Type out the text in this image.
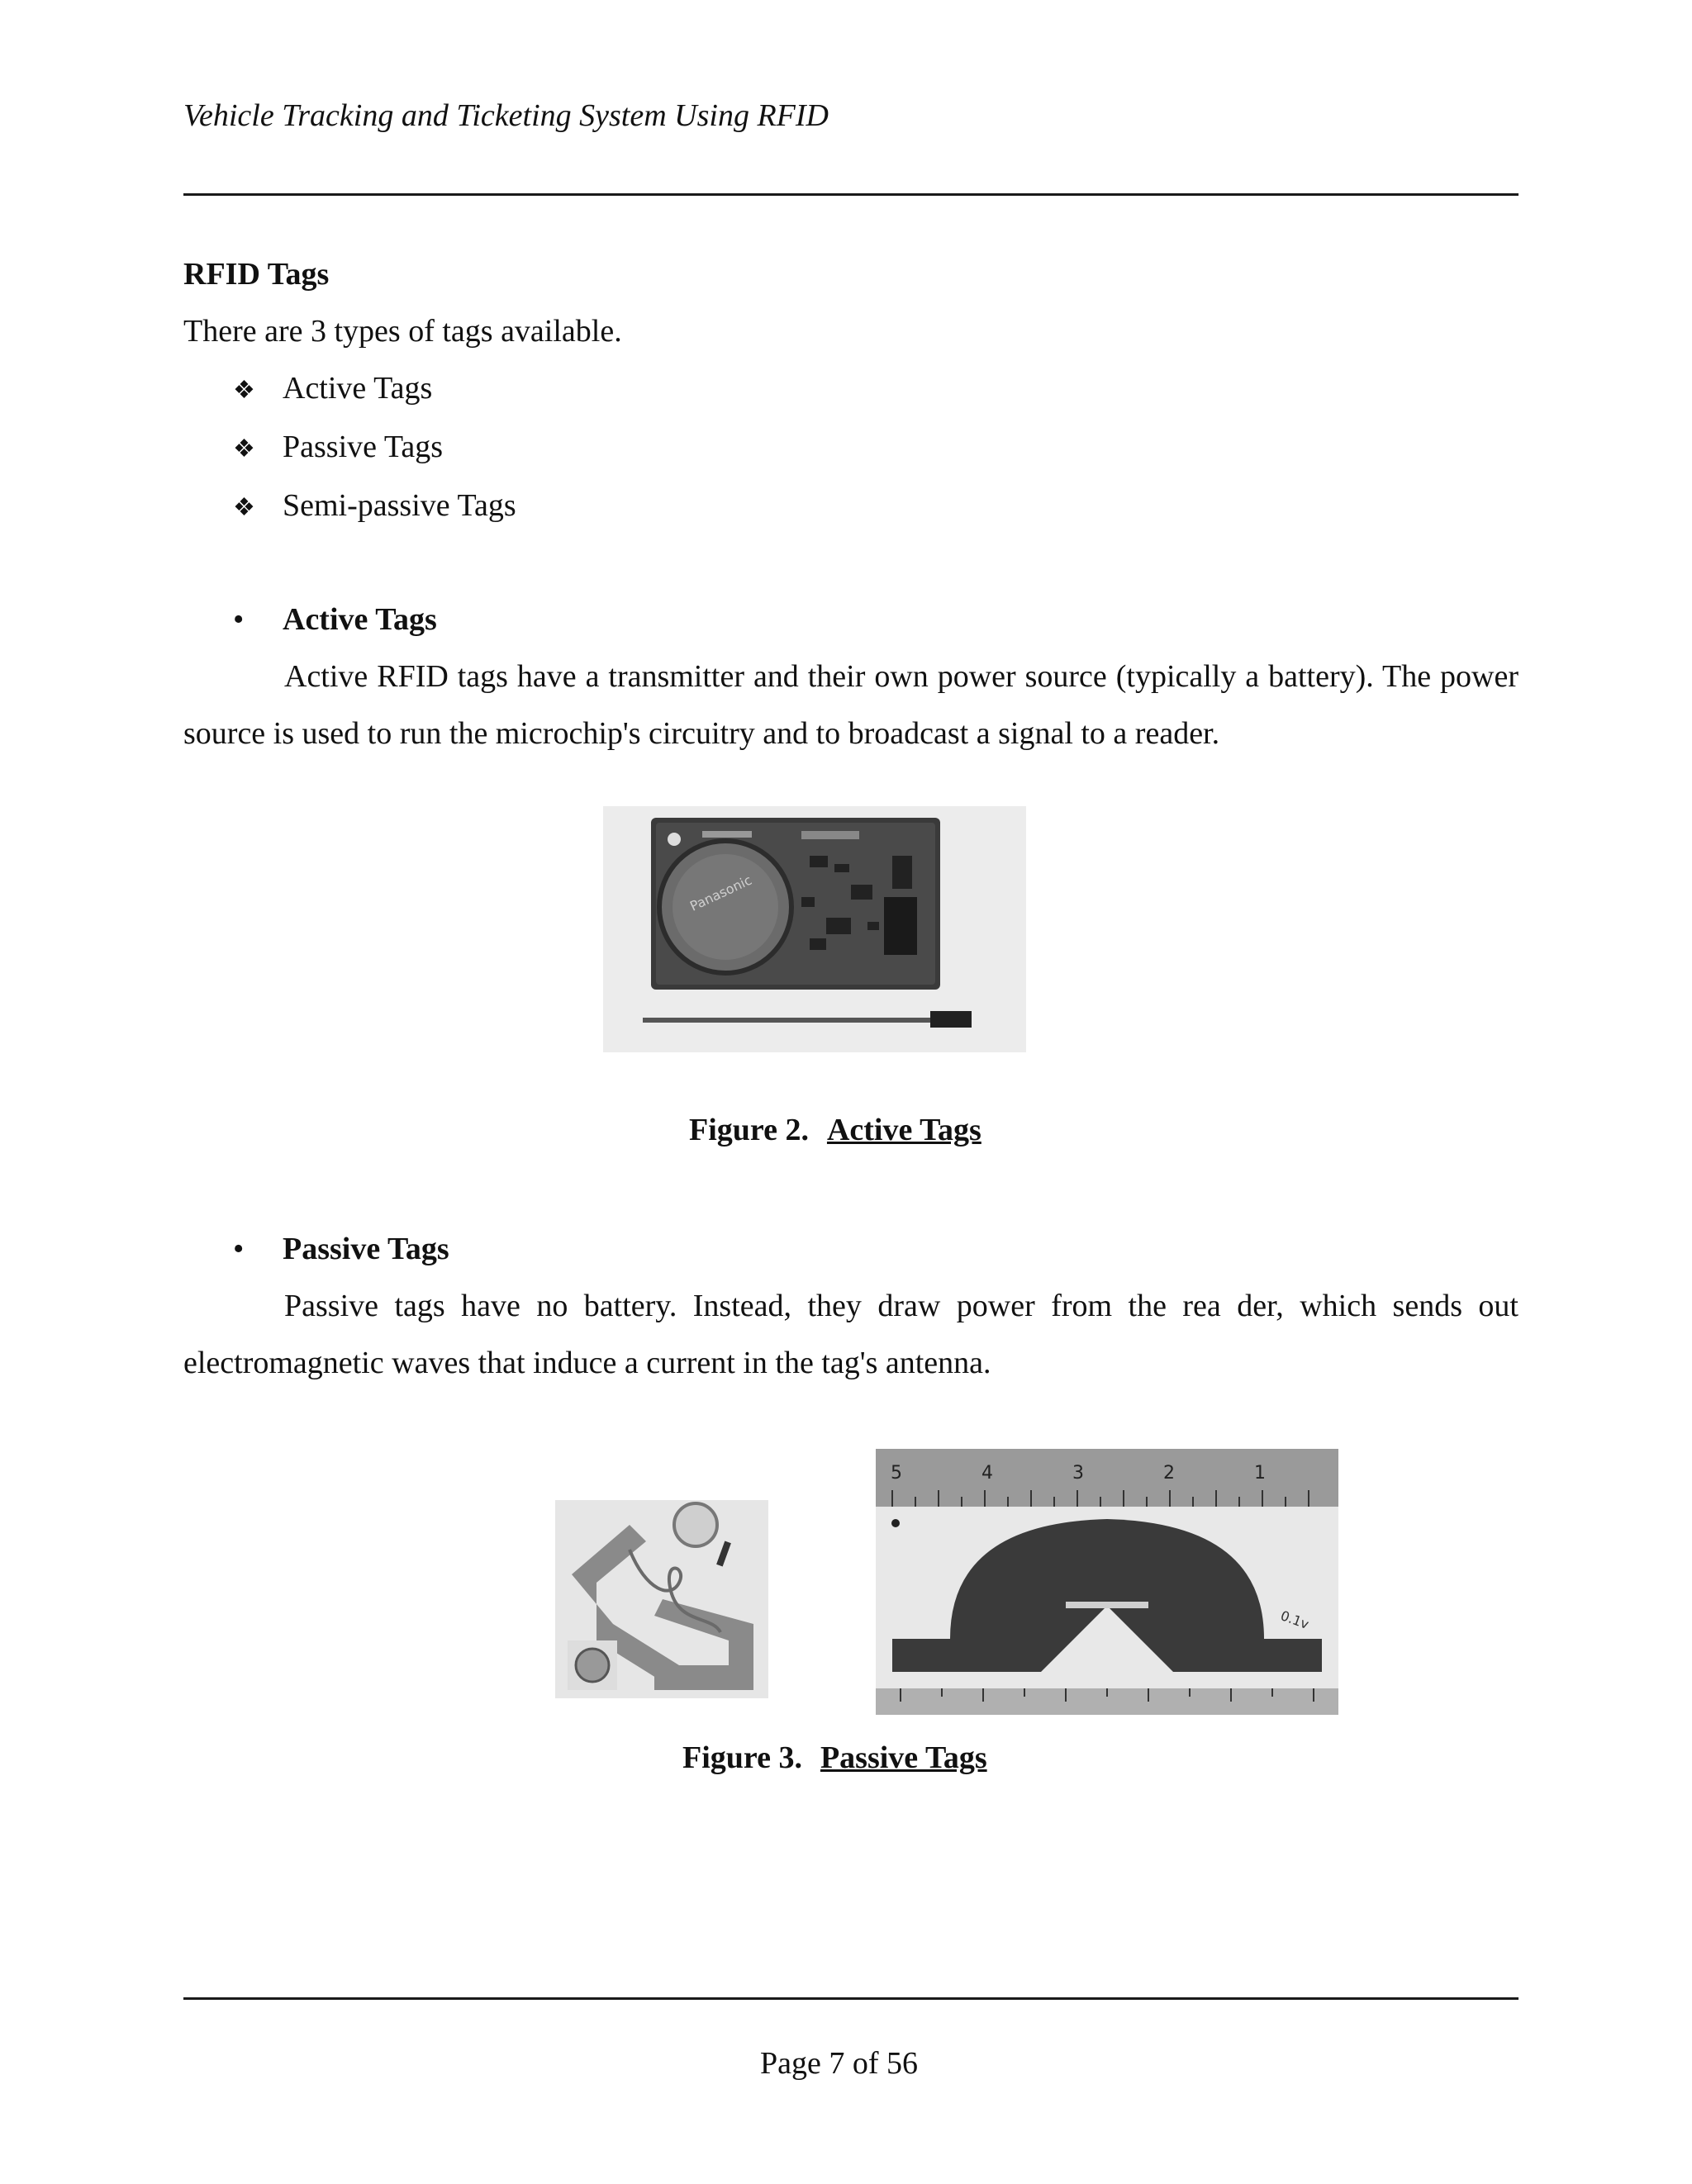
Vehicle Tracking and Ticketing System Using RFID
RFID Tags
There are 3 types of tags available.
❖ Active Tags
❖ Passive Tags
❖ Semi-passive Tags
• Active Tags
Active RFID tags have a transmitter and their own power source (typically a battery). The power source is used to run the microchip's circuitry and to broadcast a signal to a reader.
Panasonic
Figure 2. Active Tags
• Passive Tags
Passive tags have no battery. Instead, they draw power from the rea der, which sends out electromagnetic waves that induce a current in the tag's antenna.
5	4	3	2	1
0.1v
Figure 3. Passive Tags
Page 7 of 56
